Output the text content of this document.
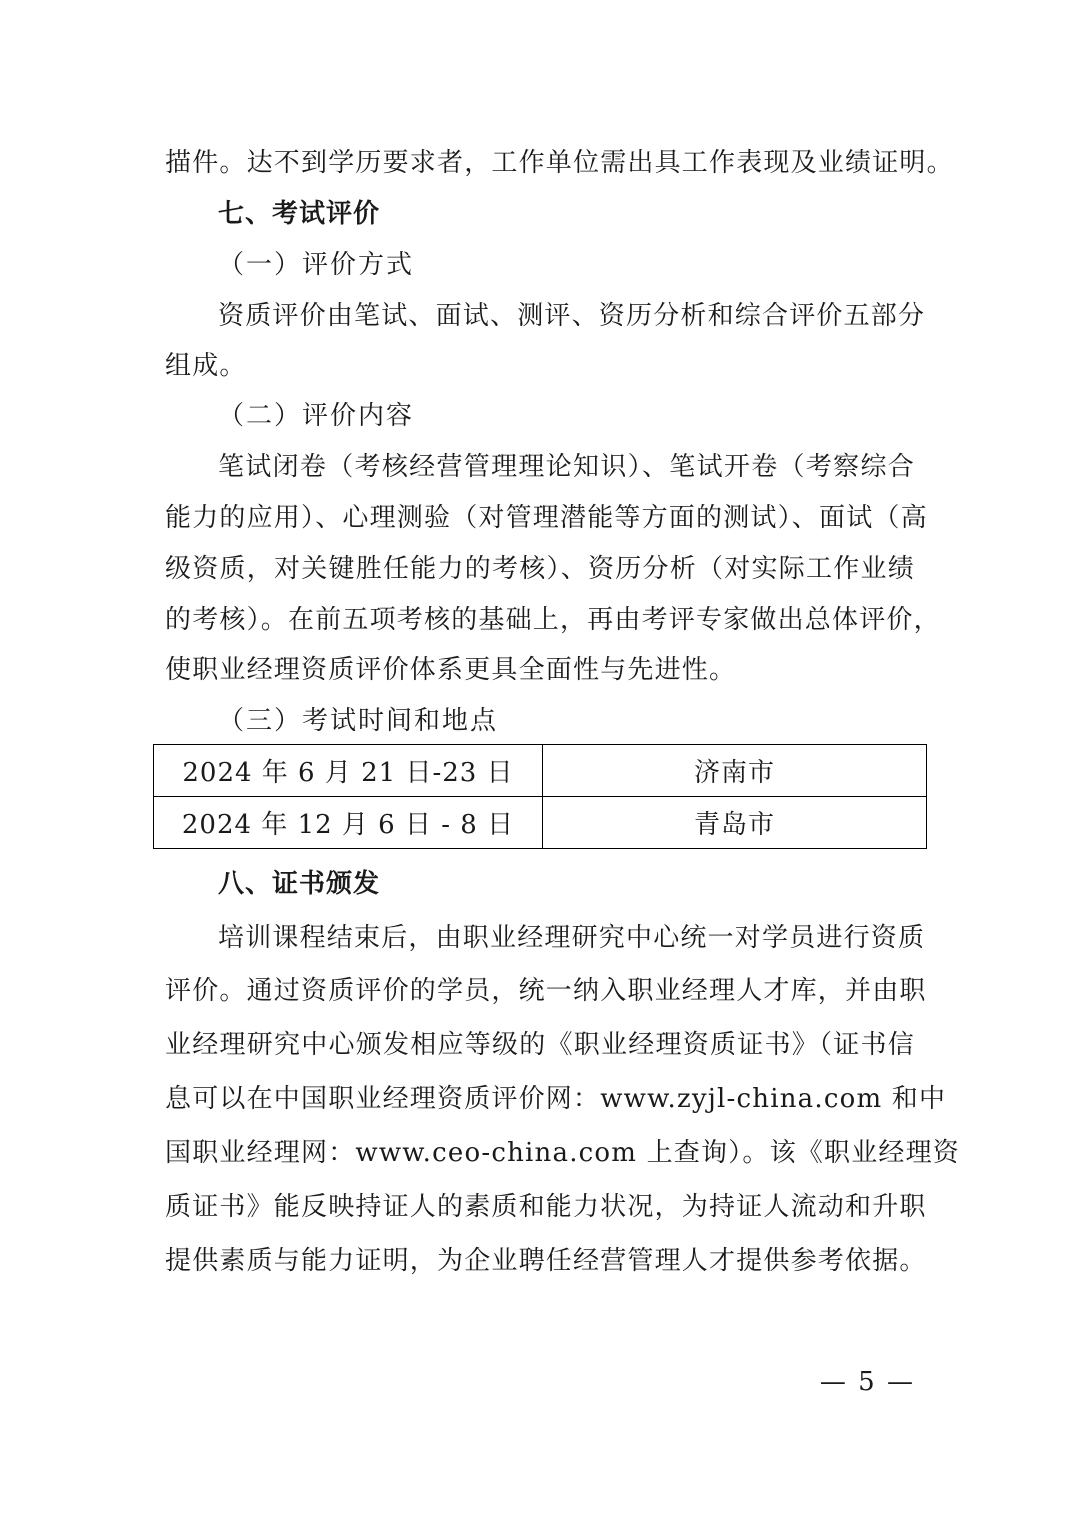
描件。达不到学历要求者，工作单位需出具工作表现及业绩证明。
七、考试评价
（一）评价方式
资质评价由笔试、面试、测评、资历分析和综合评价五部分
组成。
（二）评价内容
笔试闭卷（考核经营管理理论知识）、笔试开卷（考察综合
能力的应用）、心理测验（对管理潜能等方面的测试）、面试（高
级资质，对关键胜任能力的考核）、资历分析（对实际工作业绩
的考核）。在前五项考核的基础上，再由考评专家做出总体评价，
使职业经理资质评价体系更具全面性与先进性。
（三）考试时间和地点
2024 年 6 月 21 日-23 日	济南市
2024 年 12 月 6 日 - 8 日	青岛市
八、证书颁发
培训课程结束后，由职业经理研究中心统一对学员进行资质
评价。通过资质评价的学员，统一纳入职业经理人才库，并由职
业经理研究中心颁发相应等级的《职业经理资质证书》（证书信
息可以在中国职业经理资质评价网：www.zyjl-china.com 和中
国职业经理网：www.ceo-china.com 上查询）。该《职业经理资
质证书》能反映持证人的素质和能力状况，为持证人流动和升职
提供素质与能力证明，为企业聘任经营管理人才提供参考依据。
— 5 —
